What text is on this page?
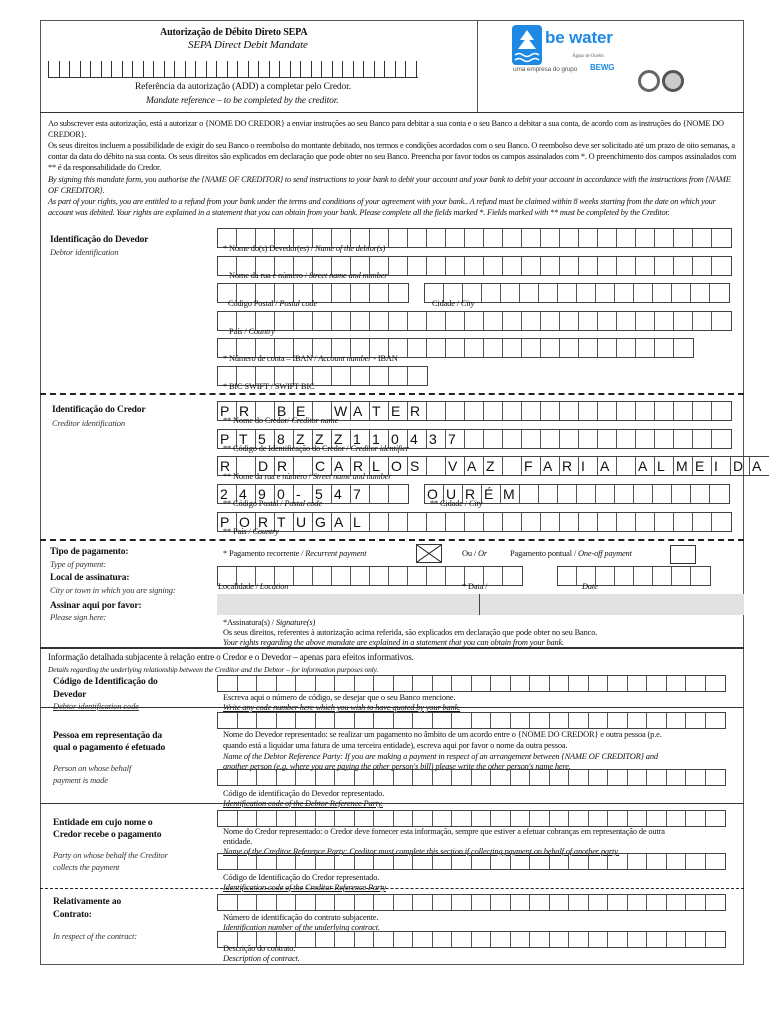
Autorização de Débito Direto SEPA
SEPA Direct Debit Mandate
Referência da autorização (ADD) a completar pelo Credor.
Mandate reference – to be completed by the creditor.
be water
Águas de Ourém
uma empresa do grupo BEWG
Ao subscrever esta autorização, está a autorizar o {NOME DO CREDOR} a enviar instruções ao seu Banco para debitar a sua conta e o seu Banco a debitar a sua conta, de acordo com as instruções do {NOME DO CREDOR}.
Os seus direitos incluem a possibilidade de exigir do seu Banco o reembolso do montante debitado, nos termos e condições acordados com o seu Banco. O reembolso deve ser solicitado até um prazo de oito semanas, a contar da data do débito na sua conta. Os seus direitos são explicados em declaração que pode obter no seu Banco. Preencha por favor todos os campos assinalados com *. O preenchimento dos campos assinalados com ** é da responsabilidade do Credor.
By signing this mandate form, you authorise the {NAME OF CREDITOR} to send instructions to your bank to debit your account and your bank to debit your account in accordance with the instructions from {NAME OF CREDITOR}.
As part of your rights, you are entitled to a refund from your bank under the terms and conditions of your agreement with your bank.. A refund must be claimed within 8 weeks starting from the date on which your account was debited. Your rights are explained in a statement that you can obtain from your bank. Please complete all the fields marked *. Fields marked with ** must be completed by the Creditor.
Identificação do Devedor
Debtor identification	* Nome do(s) Devedor(es) / Name of the debtor(s)
Nome da rua e número / Street name and number
Código Postal / Postal code	Cidade / City
País / Country
* Número de conta – IBAN / Account number - IBAN
* BIC SWIFT / SWIFT BIC
Identificação do Credor
Creditor identification
P R	B E	W A T E R
** Nome do Credor/ Creditor name
P T 5 8 Z Z Z 1 1 0 4 3 7
** Código de Identificação do Credor / Creditor identifier
R	D R	C A R L O S	V A Z	F A R I	A	A L M E I	D A
** Nome da rua e número / Street name and number
2 4 9 0 -	5 4 7	O U R É M
** Código Postal / Postal code	** Cidade / City
P O R T U G A L
** País / Country
Tipo de pagamento:
Type of payment:
* Pagamento recorrente / Recurrent payment	Ou / Or	Pagamento pontual / One-off payment
Local de assinatura:
City or town in which you are signing:	Localidade / Location	* Data /	Date
Assinar aqui por favor:
Please sign here:
*Assinatura(s) / Signature(s)
Os seus direitos, referentes à autorização acima referida, são explicados em declaração que pode obter no seu Banco.
Your rights regarding the above mandate are explained in a statement that you can obtain from your bank.
Informação detalhada subjacente à relação entre o Credor e o Devedor – apenas para efeitos informativos.
Details regarding the underlying relationship between the Creditor and the Debtor – for information purposes only.
Código de Identificação do
Devedor
Debtor identification code
Escreva aqui o número de código, se desejar que o seu Banco mencione.
Write any code number here which you wish to have quoted by your bank.
Pessoa em representação da
qual o pagamento é efetuado
Person on whose behalf
payment is made
Nome do Devedor representado: se realizar um pagamento no âmbito de um acordo entre o {NOME DO CREDOR} e outra pessoa (p.e.
quando está a liquidar uma fatura de uma terceira entidade), escreva aqui por favor o nome da outra pessoa.
Name of the Debtor Reference Party: If you are making a payment in respect of an arrangement between {NAME OF CREDITOR} and
another person (e.g. where you are paying the other person's bill) please write the other person's name here.
Código de identificação do Devedor representado.
Identification code of the Debtor Reference Party.
Entidade em cujo nome o
Credor recebe o pagamento
Party on whose behalf the Creditor
collects the payment
Nome do Credor representado: o Credor deve fornecer esta informação, sempre que estiver a efetuar cobranças em representação de outra
entidade.
Name of the Creditor Reference Party: Creditor must complete this section if collecting payment on behalf of another party.
Código de Identificação do Credor representado.
Identification code of the Creditor Reference Party
Relativamente ao
Contrato:
In respect of the contract:
Número de identificação do contrato subjacente.
Identification number of the underlying contract.
Descrição do contrato.
Description of contract.
